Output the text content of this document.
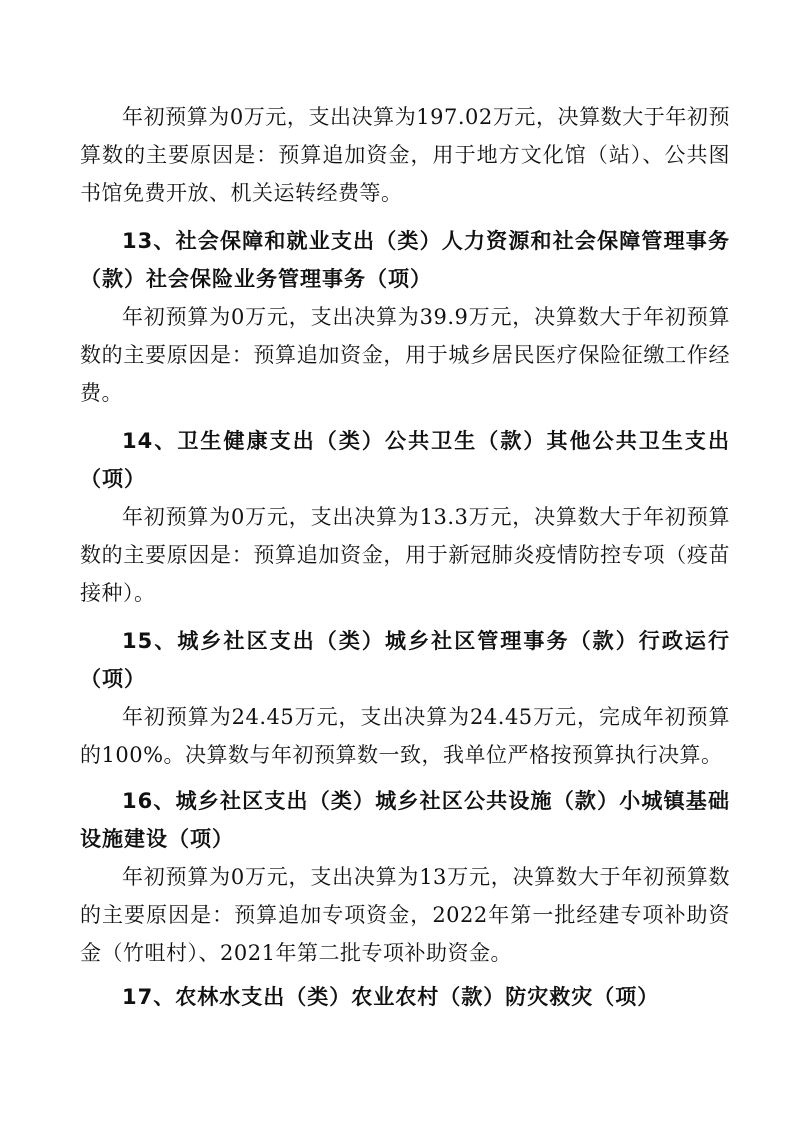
年初预算为0万元，支出决算为197.02万元，决算数大于年初预算数的主要原因是：预算追加资金，用于地方文化馆（站）、公共图书馆免费开放、机关运转经费等。

13、社会保障和就业支出（类）人力资源和社会保障管理事务（款）社会保险业务管理事务（项）

年初预算为0万元，支出决算为39.9万元，决算数大于年初预算数的主要原因是：预算追加资金，用于城乡居民医疗保险征缴工作经费。

14、卫生健康支出（类）公共卫生（款）其他公共卫生支出（项）

年初预算为0万元，支出决算为13.3万元，决算数大于年初预算数的主要原因是：预算追加资金，用于新冠肺炎疫情防控专项（疫苗接种）。

15、城乡社区支出（类）城乡社区管理事务（款）行政运行（项）

年初预算为24.45万元，支出决算为24.45万元，完成年初预算的100%。决算数与年初预算数一致，我单位严格按预算执行决算。

16、城乡社区支出（类）城乡社区公共设施（款）小城镇基础设施建设（项）

年初预算为0万元，支出决算为13万元，决算数大于年初预算数的主要原因是：预算追加专项资金，2022年第一批经建专项补助资金（竹咀村）、2021年第二批专项补助资金。

17、农林水支出（类）农业农村（款）防灾救灾（项）
